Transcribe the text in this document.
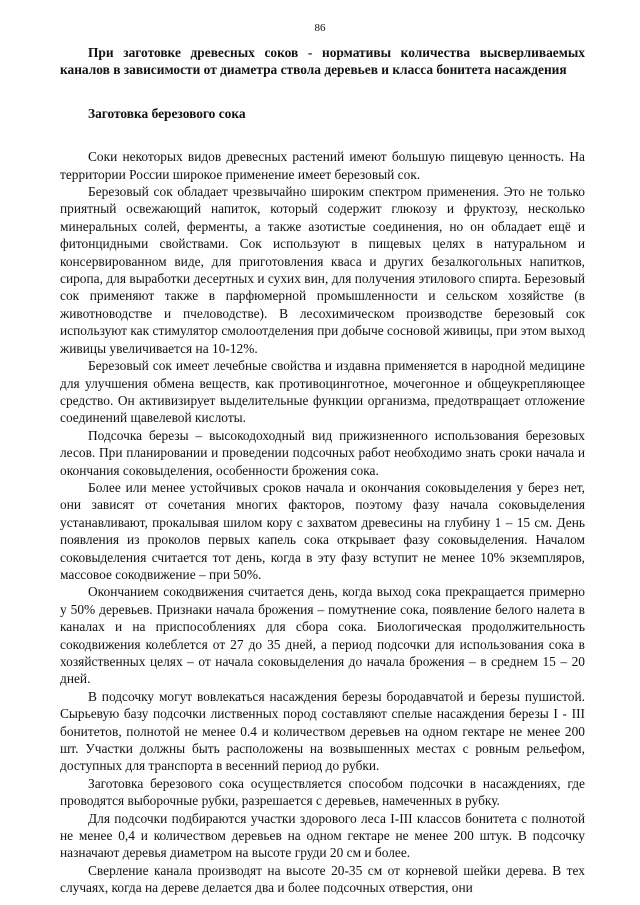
86

При заготовке древесных соков - нормативы количества высверливаемых каналов в зависимости от диаметра ствола деревьев и класса бонитета насаждения

Заготовка березового сока

Соки некоторых видов древесных растений имеют большую пищевую ценность. На территории России широкое применение имеет березовый сок.

Березовый сок обладает чрезвычайно широким спектром применения. Это не только приятный освежающий напиток, который содержит глюкозу и фруктозу, несколько минеральных солей, ферменты, а также азотистые соединения, но он обладает ещё и фитонцидными свойствами. Сок используют в пищевых целях в натуральном и консервированном виде, для приготовления кваса и других безалкогольных напитков, сиропа, для выработки десертных и сухих вин, для получения этилового спирта. Березовый сок применяют также в парфюмерной промышленности и сельском хозяйстве (в животноводстве и пчеловодстве). В лесохимическом производстве березовый сок используют как стимулятор смолоотделения при добыче сосновой живицы, при этом выход живицы увеличивается на 10-12%.

Березовый сок имеет лечебные свойства и издавна применяется в народной медицине для улучшения обмена веществ, как противоцинготное, мочегонное и общеукрепляющее средство. Он активизирует выделительные функции организма, предотвращает отложение соединений щавелевой кислоты.

Подсочка березы – высокодоходный вид прижизненного использования березовых лесов. При планировании и проведении подсочных работ необходимо знать сроки начала и окончания соковыделения, особенности брожения сока.

Более или менее устойчивых сроков начала и окончания соковыделения у берез нет, они зависят от сочетания многих факторов, поэтому фазу начала соковыделения устанавливают, прокалывая шилом кору с захватом древесины на глубину 1 – 15 см. День появления из проколов первых капель сока открывает фазу соковыделения. Началом соковыделения считается тот день, когда в эту фазу вступит не менее 10% экземпляров, массовое сокодвижение – при 50%.

Окончанием сокодвижения считается день, когда выход сока прекращается примерно у 50% деревьев. Признаки начала брожения – помутнение сока, появление белого налета в каналах и на приспособлениях для сбора сока. Биологическая продолжительность сокодвижения колеблется от 27 до 35 дней, а период подсочки для использования сока в хозяйственных целях – от начала соковыделения до начала брожения – в среднем 15 – 20 дней.

В подсочку могут вовлекаться насаждения березы бородавчатой и березы пушистой. Сырьевую базу подсочки лиственных пород составляют спелые насаждения березы I - III бонитетов, полнотой не менее 0.4 и количеством деревьев на одном гектаре не менее 200 шт. Участки должны быть расположены на возвышенных местах с ровным рельефом, доступных для транспорта в весенний период до рубки.

Заготовка березового сока осуществляется способом подсочки в насаждениях, где проводятся выборочные рубки, разрешается с деревьев, намеченных в рубку.

Для подсочки подбираются участки здорового леса I-III классов бонитета с полнотой не менее 0,4 и количеством деревьев на одном гектаре не менее 200 штук. В подсочку назначают деревья диаметром на высоте груди 20 см и более.

Сверление канала производят на высоте 20-35 см от корневой шейки дерева. В тех случаях, когда на дереве делается два и более подсочных отверстия, они
